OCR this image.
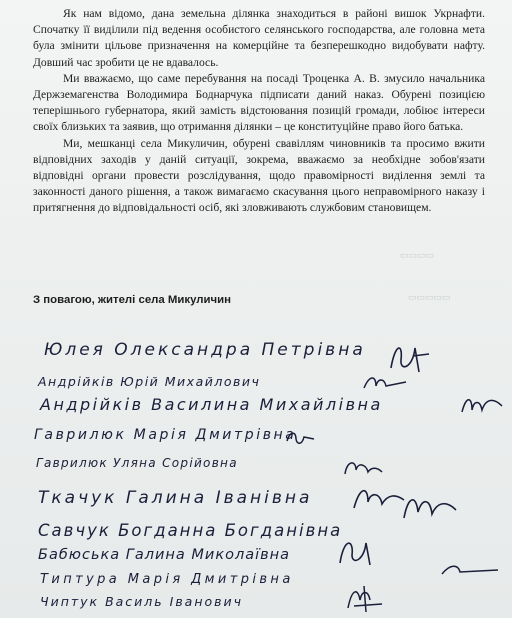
Як нам відомо, дана земельна ділянка знаходиться в районі вишок Укрнафти. Спочатку її виділили під ведення особистого селянського господарства, але головна мета була змінити цільове призначення на комерційне та безперешкодно видобувати нафту. Довший час зробити це не вдавалось.

Ми вважаємо, що саме перебування на посаді Троценка А. В. змусило начальника Держземагенства Володимира Боднарчука підписати даний наказ. Обурені позицією теперішнього губернатора, який замість відстоювання позицій громади, лобіює інтереси своїх близьких та заявив, що отримання ділянки – це конституційне право його батька.

Ми, мешканці села Микуличин, обурені свавіллям чиновників та просимо вжити відповідних заходів у даній ситуації, зокрема, вважаємо за необхідне зобов'язати відповідні органи провести розслідування, щодо правомірності виділення землі та законності даного рішення, а також вимагаємо скасування цього неправомірного наказу і притягнення до відповідальності осіб, які зловживають службовим становищем.

▭▭▭▭
▭▭▭▭▭
З повагою, жителі села Микуличин
Юлея Олександра Петрівна
Андрійків Юрій Михайлович
Андрійків Василина Михайлівна
Гаврилюк Марія Дмитрівна
Гаврилюк Уляна Сорійовна
Ткачук Галина Іванівна
Савчук Богданна Богданівна
Бабюська Галина Миколаївна
Типтура Марія Дмитрівна
Чиптук Василь Іванович
